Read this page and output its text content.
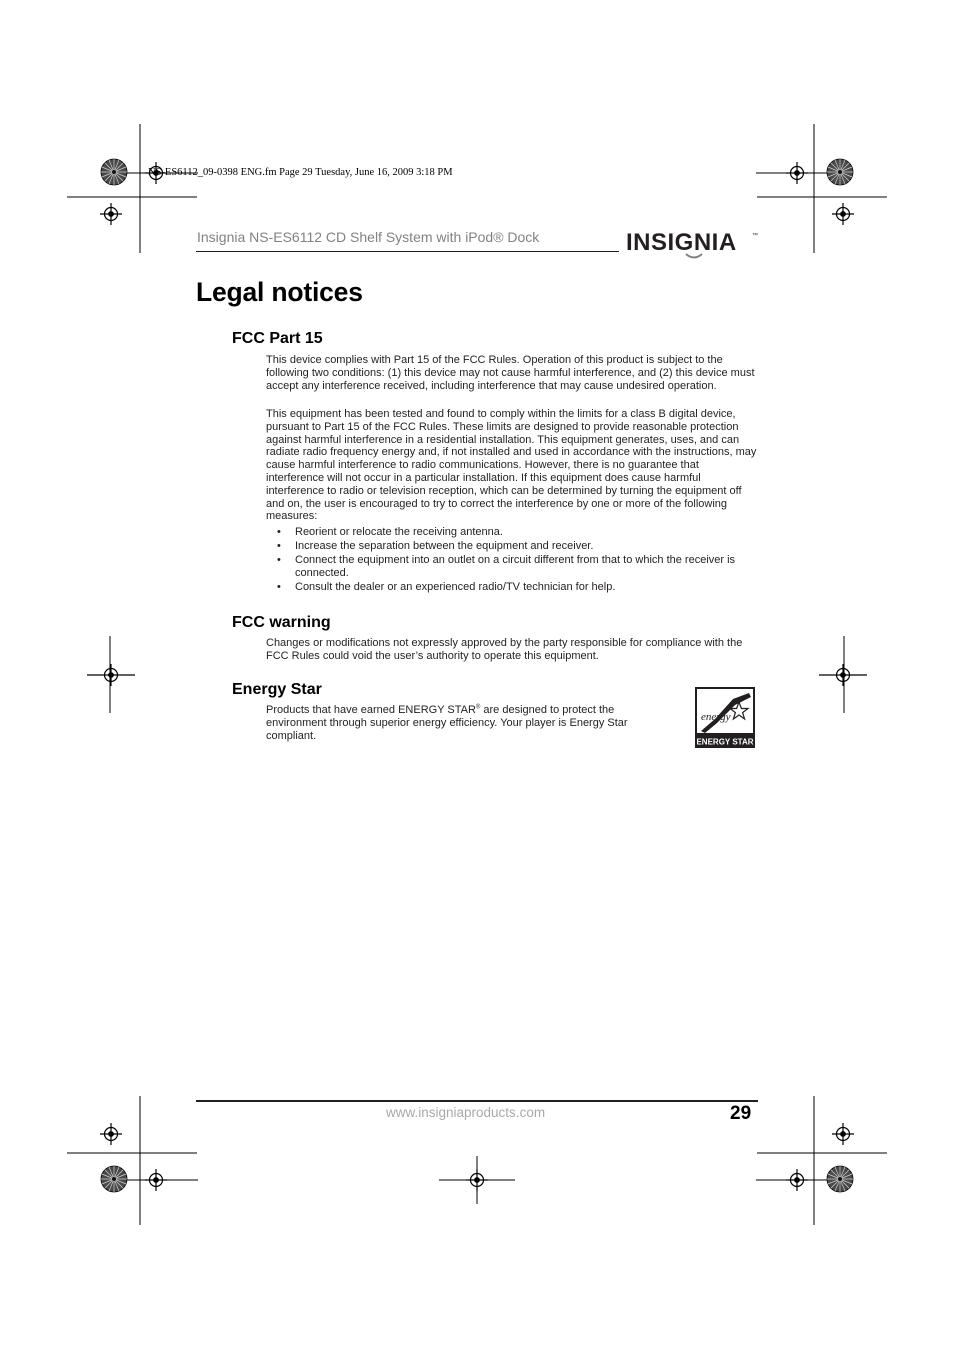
NS-ES6112_09-0398 ENG.fm Page 29 Tuesday, June 16, 2009 3:18 PM
Insignia NS-ES6112 CD Shelf System with iPod® Dock	INSIGNIA	™
Legal notices
FCC Part 15

This device complies with Part 15 of the FCC Rules. Operation of this product is subject to the following two conditions: (1) this device may not cause harmful interference, and (2) this device must accept any interference received, including interference that may cause undesired operation.

This equipment has been tested and found to comply within the limits for a class B digital device, pursuant to Part 15 of the FCC Rules. These limits are designed to provide reasonable protection against harmful interference in a residential installation. This equipment generates, uses, and can radiate radio frequency energy and, if not installed and used in accordance with the instructions, may cause harmful interference to radio communications. However, there is no guarantee that interference will not occur in a particular installation. If this equipment does cause harmful interference to radio or television reception, which can be determined by turning the equipment off and on, the user is encouraged to try to correct the interference by one or more of the following measures:

• Reorient or relocate the receiving antenna.
• Increase the separation between the equipment and receiver.
• Connect the equipment into an outlet on a circuit different from that to which the receiver is connected.
• Consult the dealer or an experienced radio/TV technician for help.
FCC warning

Changes or modifications not expressly approved by the party responsible for compliance with the FCC Rules could void the user’s authority to operate this equipment.

Energy Star

Products that have earned ENERGY STAR® are designed to protect the environment through superior energy efficiency. Your player is Energy Star compliant.

energy
ENERGY STAR
www.insigniaproducts.com	29
